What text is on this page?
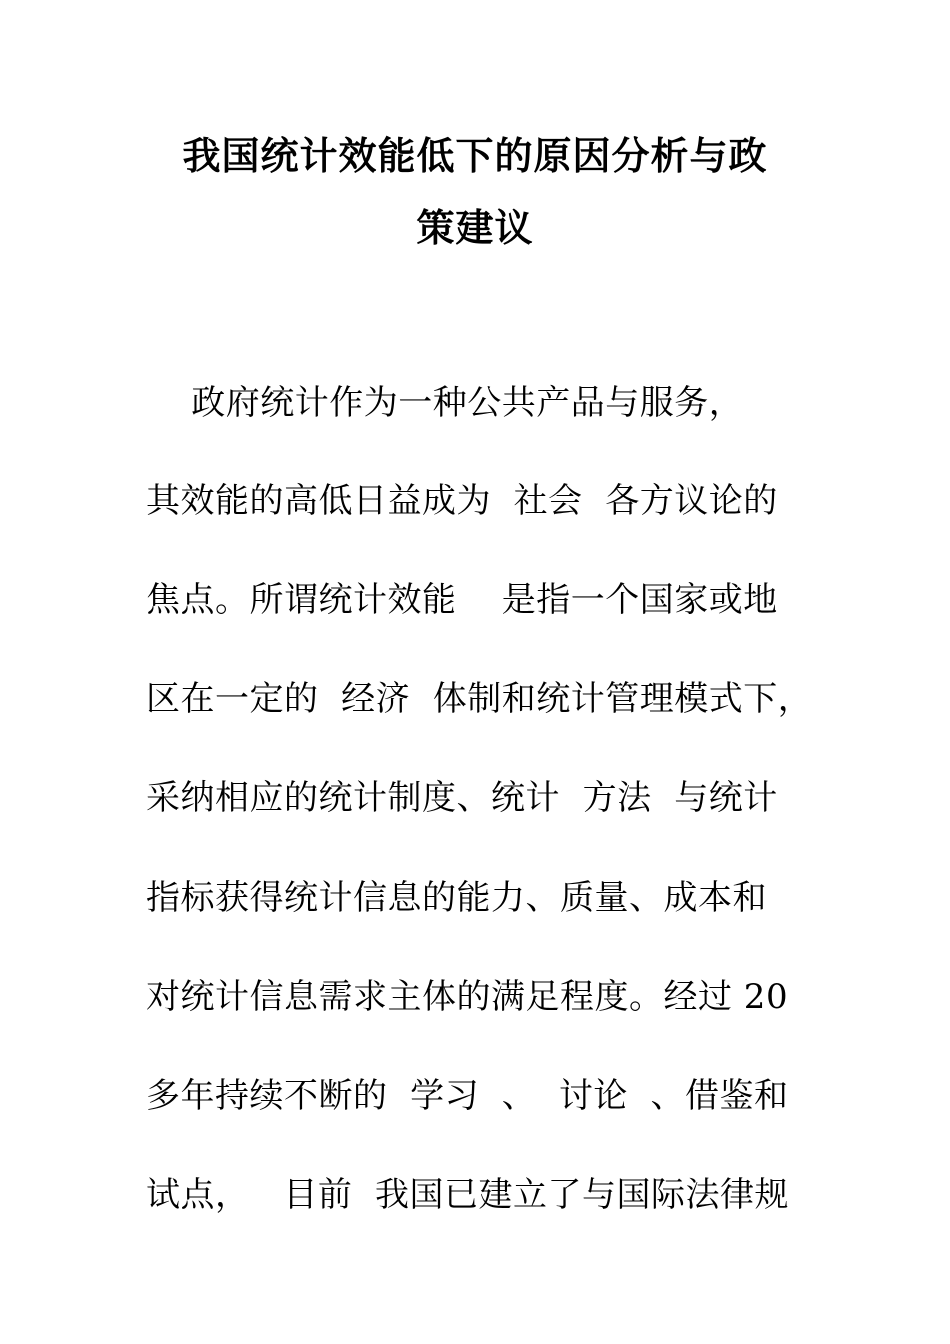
我国统计效能低下的原因分析与政
策建议
政府统计作为一种公共产品与服务，
其效能的高低日益成为  社会  各方议论的
焦点。所谓统计效能    是指一个国家或地
区在一定的  经济  体制和统计管理模式下，
采纳相应的统计制度、统计  方法  与统计
指标获得统计信息的能力、质量、成本和
对统计信息需求主体的满足程度。经过 20
多年持续不断的  学习  、  讨论  、借鉴和
试点，   目前  我国已建立了与国际法律规
